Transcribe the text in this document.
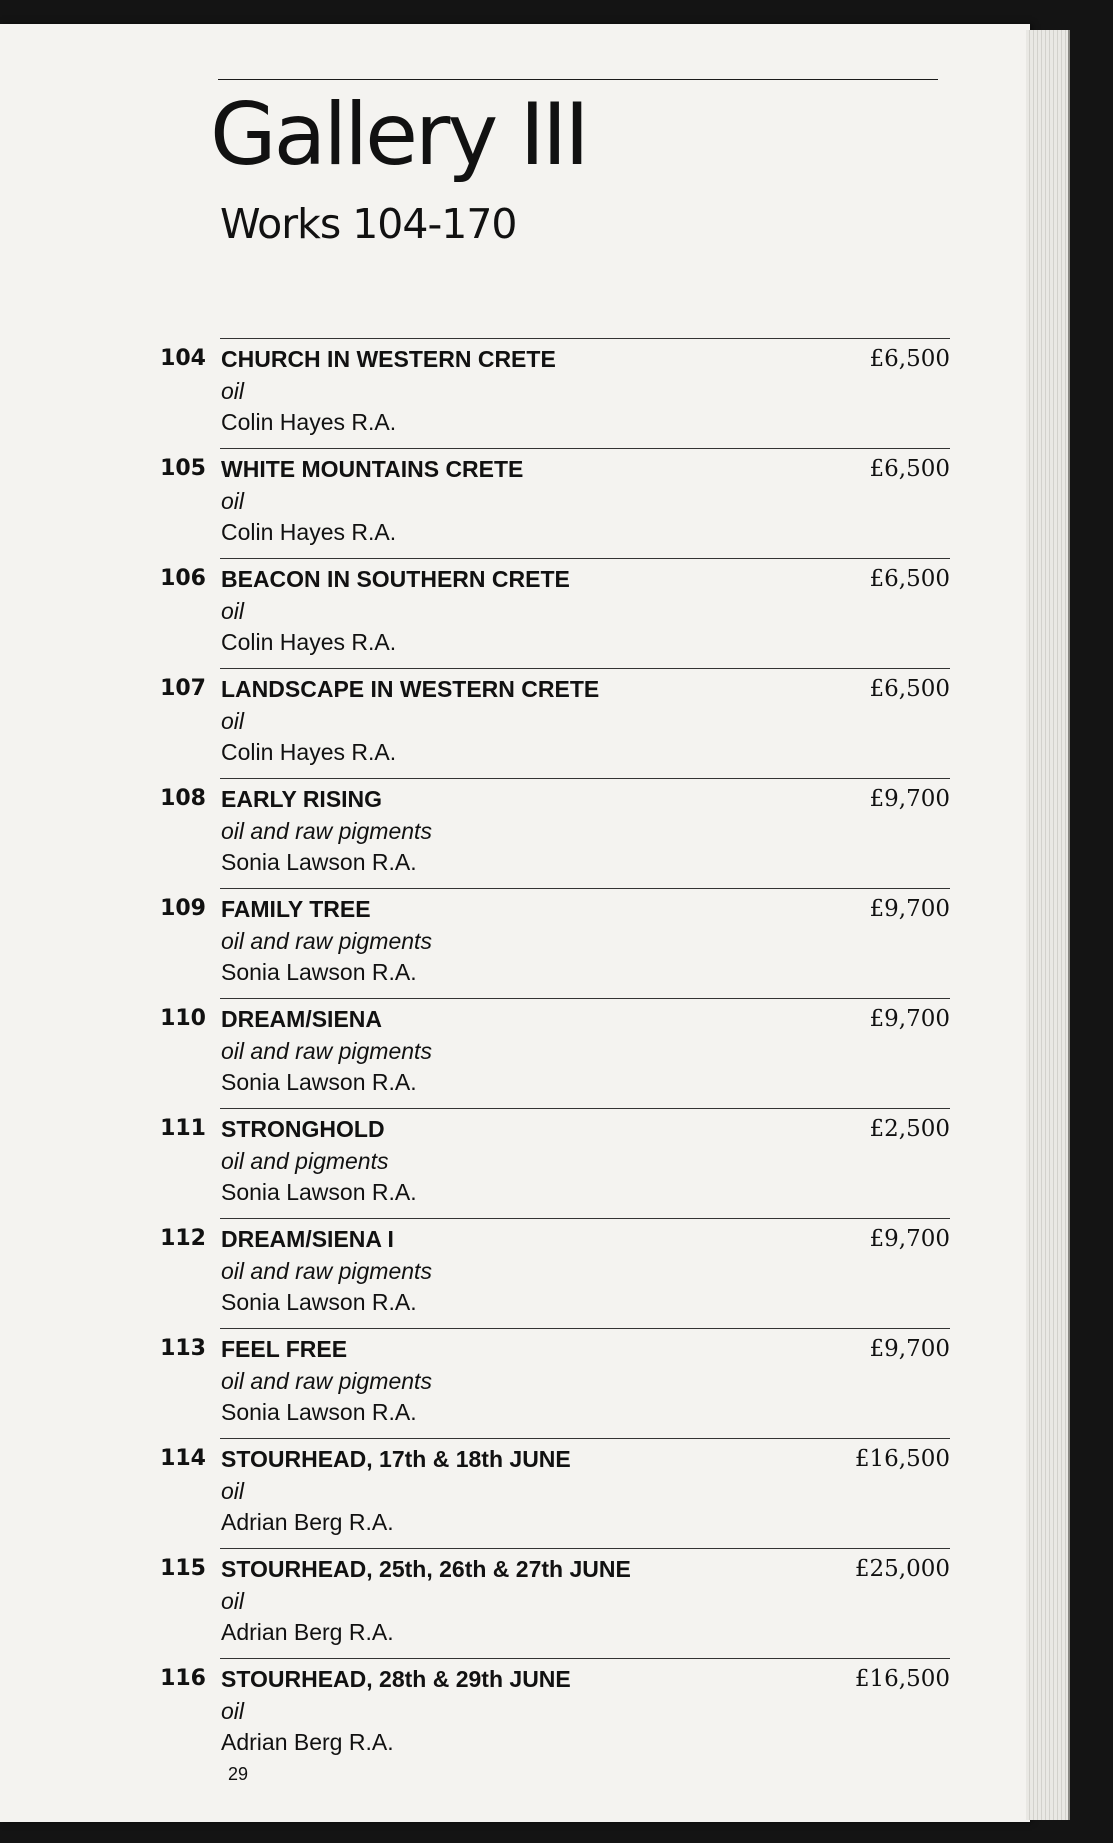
Gallery III
Works 104-170
104 CHURCH IN WESTERN CRETE
oil
Colin Hayes R.A.
£6,500
105 WHITE MOUNTAINS CRETE
oil
Colin Hayes R.A.
£6,500
106 BEACON IN SOUTHERN CRETE
oil
Colin Hayes R.A.
£6,500
107 LANDSCAPE IN WESTERN CRETE
oil
Colin Hayes R.A.
£6,500
108 EARLY RISING
oil and raw pigments
Sonia Lawson R.A.
£9,700
109 FAMILY TREE
oil and raw pigments
Sonia Lawson R.A.
£9,700
110 DREAM/SIENA
oil and raw pigments
Sonia Lawson R.A.
£9,700
111 STRONGHOLD
oil and pigments
Sonia Lawson R.A.
£2,500
112 DREAM/SIENA I
oil and raw pigments
Sonia Lawson R.A.
£9,700
113 FEEL FREE
oil and raw pigments
Sonia Lawson R.A.
£9,700
114 STOURHEAD, 17th & 18th JUNE
oil
Adrian Berg R.A.
£16,500
115 STOURHEAD, 25th, 26th & 27th JUNE
oil
Adrian Berg R.A.
£25,000
116 STOURHEAD, 28th & 29th JUNE
oil
Adrian Berg R.A.
£16,500
29
